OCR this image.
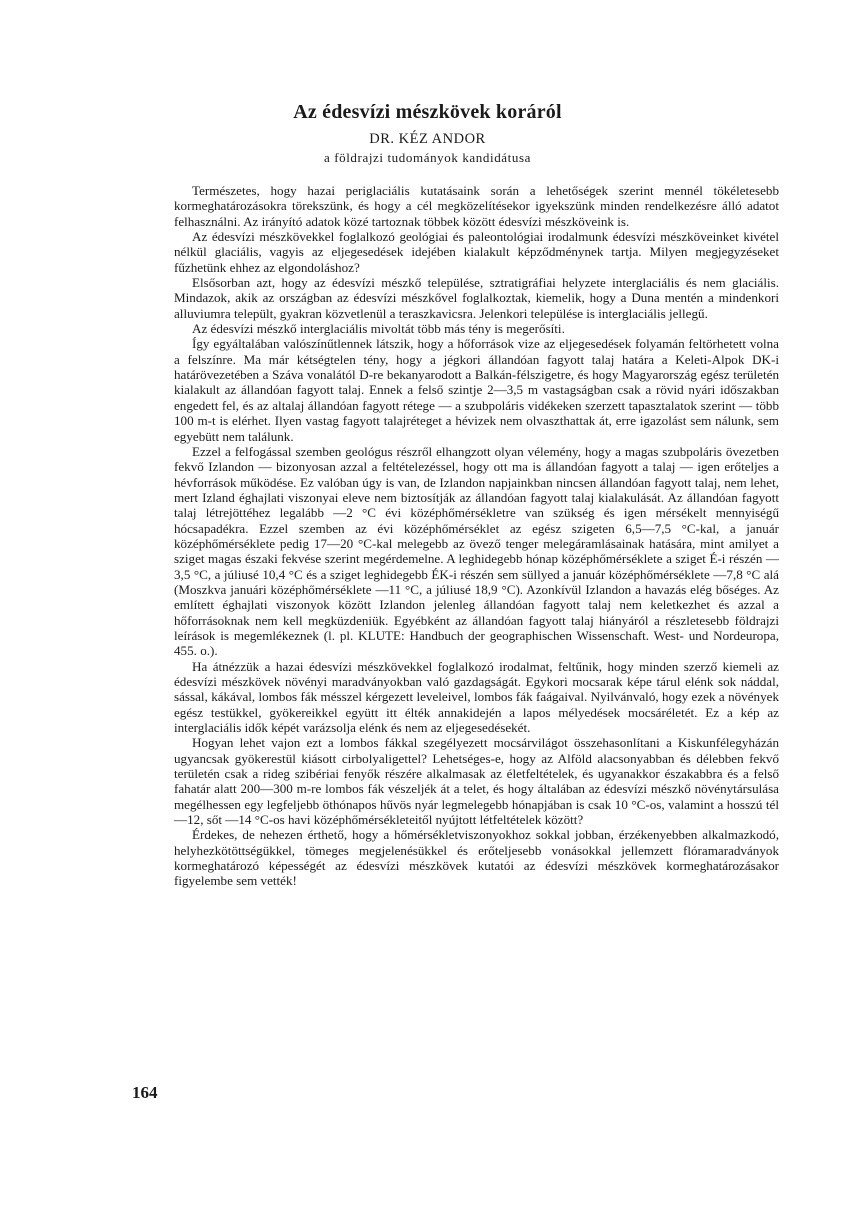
Az édesvízi mészkövek koráról
DR. KÉZ ANDOR
a földrajzi tudományok kandidátusa

Természetes, hogy hazai periglaciális kutatásaink során a lehetőségek szerint mennél tökéletesebb kormeghatározásokra törekszünk, és hogy a cél megközelítésekor igyekszünk minden rendelkezésre álló adatot felhasználni. Az irányító adatok közé tartoznak többek között édesvízi mészköveink is.

Az édesvízi mészkövekkel foglalkozó geológiai és paleontológiai irodalmunk édesvízi mészköveinket kivétel nélkül glaciális, vagyis az eljegesedések idejében kialakult képződménynek tartja. Milyen megjegyzéseket fűzhetünk ehhez az elgondoláshoz?

Elsősorban azt, hogy az édesvízi mészkő települése, sztratigráfiai helyzete interglaciális és nem glaciális. Mindazok, akik az országban az édesvízi mészkővel foglalkoztak, kiemelik, hogy a Duna mentén a mindenkori alluviumra települt, gyakran közvetlenül a teraszkavicsra. Jelenkori települése is interglaciális jellegű.

Az édesvízi mészkő interglaciális mivoltát több más tény is megerősíti.

Így egyáltalában valószínűtlennek látszik, hogy a hőforrások vize az eljegesedések folyamán feltörhetett volna a felszínre. Ma már kétségtelen tény, hogy a jégkori állandóan fagyott talaj határa a Keleti-Alpok DK-i határövezetében a Száva vonalától D-re bekanyarodott a Balkán-félszigetre, és hogy Magyarország egész területén kialakult az állandóan fagyott talaj. Ennek a felső szintje 2—3,5 m vastagságban csak a rövid nyári időszakban engedett fel, és az altalaj állandóan fagyott rétege — a szubpoláris vidékeken szerzett tapasztalatok szerint — több 100 m-t is elérhet. Ilyen vastag fagyott talajréteget a hévizek nem olvaszthattak át, erre igazolást sem nálunk, sem egyebütt nem találunk.

Ezzel a felfogással szemben geológus részről elhangzott olyan vélemény, hogy a magas szubpoláris övezetben fekvő Izlandon — bizonyosan azzal a feltételezéssel, hogy ott ma is állandóan fagyott a talaj — igen erőteljes a hévforrások működése. Ez valóban úgy is van, de Izlandon napjainkban nincsen állandóan fagyott talaj, nem lehet, mert Izland éghajlati viszonyai eleve nem biztosítják az állandóan fagyott talaj kialakulását. Az állandóan fagyott talaj létrejöttéhez legalább —2 °C évi középhőmérsékletre van szükség és igen mérsékelt mennyiségű hócsapadékra. Ezzel szemben az évi középhőmérséklet az egész szigeten 6,5—7,5 °C-kal, a január középhőmérséklete pedig 17—20 °C-kal melegebb az övező tenger melegáramlásainak hatására, mint amilyet a sziget magas északi fekvése szerint megérdemelne. A leghidegebb hónap középhőmérséklete a sziget É-i részén —3,5 °C, a júliusé 10,4 °C és a sziget leghidegebb ÉK-i részén sem süllyed a január középhőmérséklete —7,8 °C alá (Moszkva januári középhőmérséklete —11 °C, a júliusé 18,9 °C). Azonkívül Izlandon a havazás elég bőséges. Az említett éghajlati viszonyok között Izlandon jelenleg állandóan fagyott talaj nem keletkezhet és azzal a hőforrásoknak nem kell megküzdeniük. Egyébként az állandóan fagyott talaj hiányáról a részletesebb földrajzi leírások is megemlékeznek (l. pl. KLUTE: Handbuch der geographischen Wissenschaft. West- und Nordeuropa, 455. o.).

Ha átnézzük a hazai édesvízi mészkövekkel foglalkozó irodalmat, feltűnik, hogy minden szerző kiemeli az édesvízi mészkövek növényi maradványokban való gazdagságát. Egykori mocsarak képe tárul elénk sok náddal, sással, kákával, lombos fák mésszel kérgezett leveleivel, lombos fák faágaival. Nyilvánvaló, hogy ezek a növények egész testükkel, gyökereikkel együtt itt élték annakidején a lapos mélyedések mocsáréletét. Ez a kép az interglaciális idők képét varázsolja elénk és nem az eljegesedésekét.

Hogyan lehet vajon ezt a lombos fákkal szegélyezett mocsárvilágot összehasonlítani a Kiskunfélegyházán ugyancsak gyökerestül kiásott cirbolyaligettel? Lehetséges-e, hogy az Alföld alacsonyabban és délebben fekvő területén csak a rideg szibériai fenyők részére alkalmasak az életfeltételek, és ugyanakkor északabbra és a felső fahatár alatt 200—300 m-re lombos fák vészeljék át a telet, és hogy általában az édesvízi mészkő növénytársulása megélhessen egy legfeljebb öthónapos hűvös nyár legmelegebb hónapjában is csak 10 °C-os, valamint a hosszú tél —12, sőt —14 °C-os havi középhőmérsékleteitől nyújtott létfeltételek között?

Érdekes, de nehezen érthető, hogy a hőmérsékletviszonyokhoz sokkal jobban, érzékenyebben alkalmazkodó, helyhezkötöttségükkel, tömeges megjelenésükkel és erőteljesebb vonásokkal jellemzett flóramaradványok kormeghatározó képességét az édesvízi mészkövek kutatói az édesvízi mészkövek kormeghatározásakor figyelembe sem vették!

164
